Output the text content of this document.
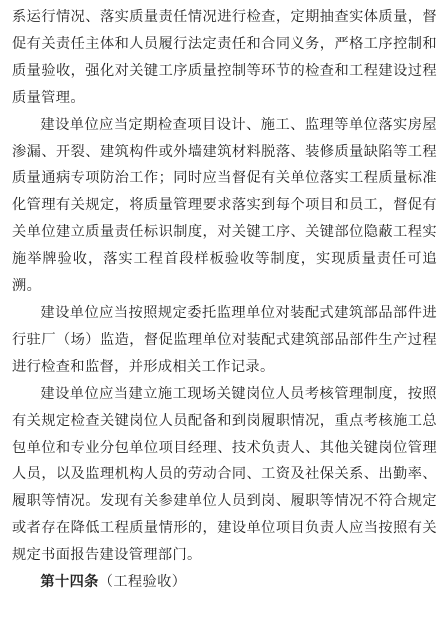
系运行情况、落实质量责任情况进行检查，定期抽查实体质量，督促有关责任主体和人员履行法定责任和合同义务，严格工序控制和质量验收，强化对关键工序质量控制等环节的检查和工程建设过程质量管理。

建设单位应当定期检查项目设计、施工、监理等单位落实房屋渗漏、开裂、建筑构件或外墙建筑材料脱落、装修质量缺陷等工程质量通病专项防治工作；同时应当督促有关单位落实工程质量标准化管理有关规定，将质量管理要求落实到每个项目和员工，督促有关单位建立质量责任标识制度，对关键工序、关键部位隐蔽工程实施举牌验收，落实工程首段样板验收等制度，实现质量责任可追溯。

建设单位应当按照规定委托监理单位对装配式建筑部品部件进行驻厂（场）监造，督促监理单位对装配式建筑部品部件生产过程进行检查和监督，并形成相关工作记录。

建设单位应当建立施工现场关键岗位人员考核管理制度，按照有关规定检查关键岗位人员配备和到岗履职情况，重点考核施工总包单位和专业分包单位项目经理、技术负责人、其他关键岗位管理人员，以及监理机构人员的劳动合同、工资及社保关系、出勤率、履职等情况。发现有关参建单位人员到岗、履职等情况不符合规定或者存在降低工程质量情形的，建设单位项目负责人应当按照有关规定书面报告建设管理部门。

第十四条（工程验收）
